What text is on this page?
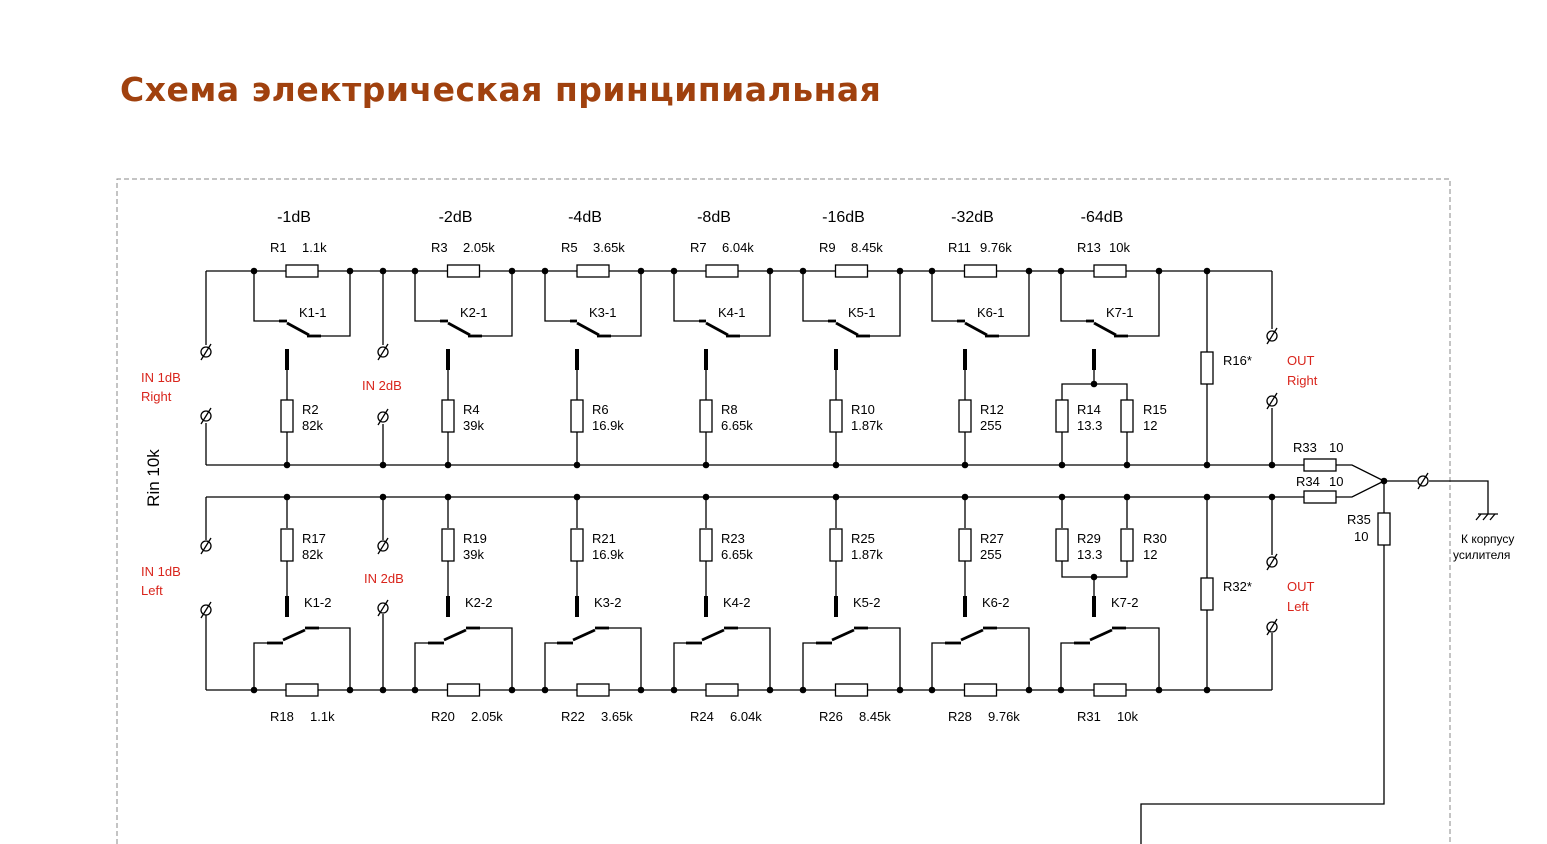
Схема электрическая принципиальная
IN 1dB
Right
IN 2dB
IN 1dB
Left
IN 2dB
Rin 10k
-1dB
R1 1.1k
R18 1.1k
K1-1
K1-2
R2
82k
R17
82k
-2dB
R3 2.05k
R20 2.05k
K2-1
K2-2
R4
39k
R19
39k
-4dB
R5 3.65k
R22 3.65k
K3-1
K3-2
R6
16.9k
R21
16.9k
-8dB
R7 6.04k
R24 6.04k
K4-1
K4-2
R8
6.65k
R23
6.65k
-16dB
R9 8.45k
R26 8.45k
K5-1
K5-2
R10
1.87k
R25
1.87k
-32dB
R11 9.76k
R28 9.76k
K6-1
K6-2
R12
255
R27
255
-64dB
R13 10k
R31 10k
K7-1
K7-2
R14
13.3
R15
12
R29
13.3
R30
12
R16*
R32*
OUT
Right
OUT
Left
R33 10
R34 10
К корпусу
усилителя
R35
10
